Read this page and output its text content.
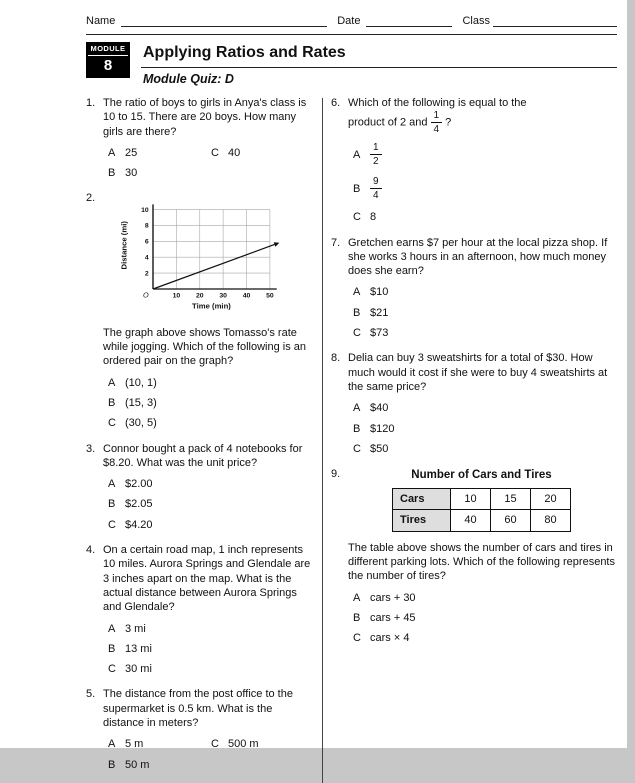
Name	Date	Class
MODULE
8
Applying Ratios and Rates
Module Quiz: D
1. The ratio of boys to girls in Anya's class is 10 to 15. There are 20 boys. How many girls are there?

A 25	C 40
B 30
2.
2
4
6
8
10
10 20 30 40 50
O
Time (min)
Distance (mi)

The graph above shows Tomasso's rate while jogging. Which of the following is an ordered pair on the graph?

A (10, 1)
B (15, 3)
C (30, 5)
3. Connor bought a pack of 4 notebooks for $8.20. What was the unit price?

A $2.00
B $2.05
C $4.20
4. On a certain road map, 1 inch represents 10 miles. Aurora Springs and Glendale are 3 inches apart on the map. What is the actual distance between Aurora Springs and Glendale?

A 3 mi
B 13 mi
C 30 mi
5. The distance from the post office to the supermarket is 0.5 km. What is the distance in meters?

A 5 m	C 500 m
B 50 m
6. Which of the following is equal to the
product of 2 and $\frac{1}{4}$ ?

A $\frac{1}{2}$
B $\frac{9}{4}$
C 8
7. Gretchen earns $7 per hour at the local pizza shop. If she works 3 hours in an afternoon, how much money does she earn?

A $10
B $21
C $73
8. Delia can buy 3 sweatshirts for a total of $30. How much would it cost if she were to buy 4 sweatshirts at the same price?

A $40
B $120
C $50
9.	Number of Cars and Tires
Cars	10	15	20
Tires	40	60	80

The table above shows the number of cars and tires in different parking lots. Which of the following represents the number of tires?

A cars + 30
B cars + 45
C cars × 4
